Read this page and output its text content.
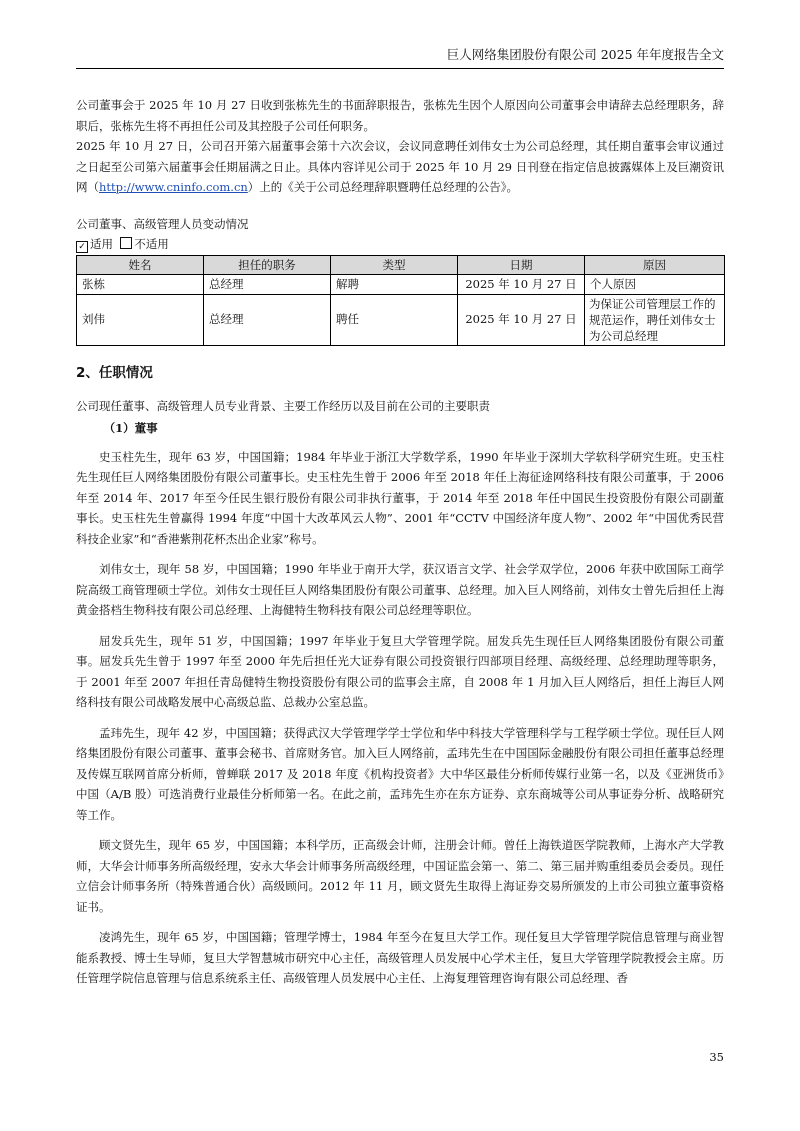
巨人网络集团股份有限公司 2025 年年度报告全文

公司董事会于 2025 年 10 月 27 日收到张栋先生的书面辞职报告，张栋先生因个人原因向公司董事会申请辞去总经理职务，辞职后，张栋先生将不再担任公司及其控股子公司任何职务。

2025 年 10 月 27 日，公司召开第六届董事会第十六次会议，会议同意聘任刘伟女士为公司总经理，其任期自董事会审议通过之日起至公司第六届董事会任期届满之日止。具体内容详见公司于 2025 年 10 月 29 日刊登在指定信息披露媒体上及巨潮资讯网（http://www.cninfo.com.cn）上的《关于公司总经理辞职暨聘任总经理的公告》。

公司董事、高级管理人员变动情况

✓ 适用 不适用

姓名	担任的职务	类型	日期	原因
张栋	总经理	解聘	2025 年 10 月 27 日	个人原因
刘伟	总经理	聘任	2025 年 10 月 27 日	为保证公司管理层工作的规范运作，聘任刘伟女士为公司总经理
2、任职情况

公司现任董事、高级管理人员专业背景、主要工作经历以及目前在公司的主要职责

（1）董事

史玉柱先生，现年 63 岁，中国国籍；1984 年毕业于浙江大学数学系，1990 年毕业于深圳大学软科学研究生班。史玉柱先生现任巨人网络集团股份有限公司董事长。史玉柱先生曾于 2006 年至 2018 年任上海征途网络科技有限公司董事，于 2006 年至 2014 年、2017 年至今任民生银行股份有限公司非执行董事，于 2014 年至 2018 年任中国民生投资股份有限公司副董事长。史玉柱先生曾赢得 1994 年度“中国十大改革风云人物”、2001 年“CCTV 中国经济年度人物”、2002 年“中国优秀民营科技企业家”和“香港紫荆花杯杰出企业家”称号。

刘伟女士，现年 58 岁，中国国籍；1990 年毕业于南开大学，获汉语言文学、社会学双学位，2006 年获中欧国际工商学院高级工商管理硕士学位。刘伟女士现任巨人网络集团股份有限公司董事、总经理。加入巨人网络前，刘伟女士曾先后担任上海黄金搭档生物科技有限公司总经理、上海健特生物科技有限公司总经理等职位。

屈发兵先生，现年 51 岁，中国国籍；1997 年毕业于复旦大学管理学院。屈发兵先生现任巨人网络集团股份有限公司董事。屈发兵先生曾于 1997 年至 2000 年先后担任光大证券有限公司投资银行四部项目经理、高级经理、总经理助理等职务，于 2001 年至 2007 年担任青岛健特生物投资股份有限公司的监事会主席，自 2008 年 1 月加入巨人网络后，担任上海巨人网络科技有限公司战略发展中心高级总监、总裁办公室总监。

孟玮先生，现年 42 岁，中国国籍；获得武汉大学管理学学士学位和华中科技大学管理科学与工程学硕士学位。现任巨人网络集团股份有限公司董事、董事会秘书、首席财务官。加入巨人网络前，孟玮先生在中国国际金融股份有限公司担任董事总经理及传媒互联网首席分析师，曾蝉联 2017 及 2018 年度《机构投资者》大中华区最佳分析师传媒行业第一名，以及《亚洲货币》中国（A/B 股）可选消费行业最佳分析师第一名。在此之前，孟玮先生亦在东方证券、京东商城等公司从事证券分析、战略研究等工作。

顾文贤先生，现年 65 岁，中国国籍；本科学历，正高级会计师，注册会计师。曾任上海铁道医学院教师，上海水产大学教师，大华会计师事务所高级经理，安永大华会计师事务所高级经理，中国证监会第一、第二、第三届并购重组委员会委员。现任立信会计师事务所（特殊普通合伙）高级顾问。2012 年 11 月，顾文贤先生取得上海证券交易所颁发的上市公司独立董事资格证书。

凌鸿先生，现年 65 岁，中国国籍；管理学博士，1984 年至今在复旦大学工作。现任复旦大学管理学院信息管理与商业智能系教授、博士生导师，复旦大学智慧城市研究中心主任，高级管理人员发展中心学术主任，复旦大学管理学院教授会主席。历任管理学院信息管理与信息系统系主任、高级管理人员发展中心主任、上海复理管理咨询有限公司总经理、香

35
